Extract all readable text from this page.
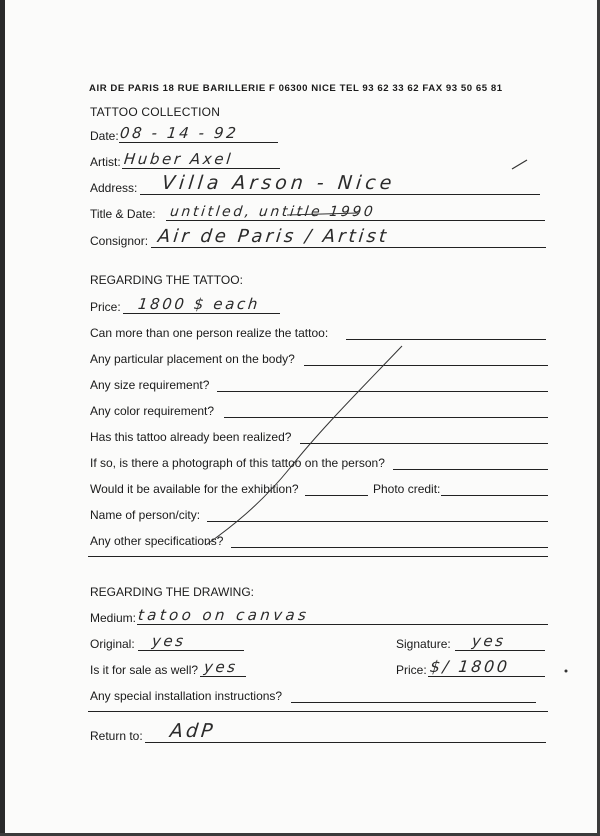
AIR DE PARIS 18 RUE BARILLERIE F 06300 NICE TEL 93 62 33 62 FAX 93 50 65 81
TATTOO COLLECTION
Date: 08 - 14 - 92
Artist: Huber Axel
Address: Villa Arson - Nice
Title & Date: untitled, untitle 1990
Consignor: Air de Paris / Artist
REGARDING THE TATTOO:
Price: 1800 $ each
Can more than one person realize the tattoo:
Any particular placement on the body?
Any size requirement?
Any color requirement?
Has this tattoo already been realized?
If so, is there a photograph of this tattoo on the person?
Would it be available for the exhibition?	Photo credit:
Name of person/city:
Any other specifications?
REGARDING THE DRAWING:
Medium: tatoo on canvas
Original: yes	Signature: yes
Is it for sale as well? yes	Price: $/ 1800
Any special installation instructions?
Return to: AdP
